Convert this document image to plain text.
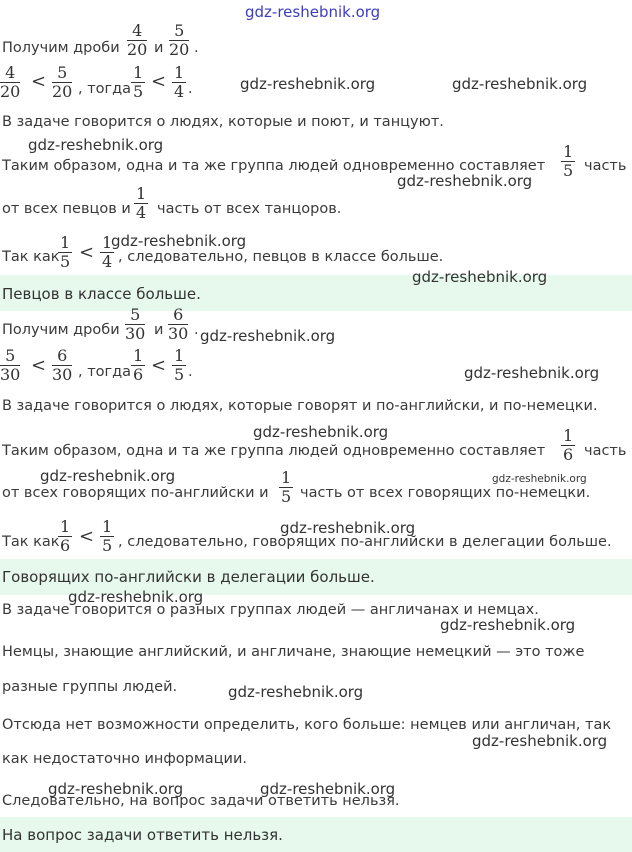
Певцов в классе больше.
Говорящих по-английски в делегации больше.
На вопрос задачи ответить нельзя.
Получим дроби $\frac{4}{20}$ и $\frac{5}{20}$ .
$\frac{4}{20} < \frac{5}{20}$ , тогда $\frac{1}{5} < \frac{1}{4}$ .
В задаче говорится о людях, которые и поют, и танцуют.
Таким образом, одна и та же группа людей одновременно составляет $\frac{1}{5}$ часть
от всех певцов и $\frac{1}{4}$ часть от всех танцоров.
Так как
$\frac{1}{5} < \frac{1}{4}$ , следовательно, певцов в классе больше.
Получим дроби $\frac{5}{30}$ и $\frac{6}{30}$ .
$\frac{5}{30} < \frac{6}{30}$ , тогда $\frac{1}{6} < \frac{1}{5}$ .
В задаче говорится о людях, которые говорят и по-английски, и по-немецки.
Таким образом, одна и та же группа людей одновременно составляет $\frac{1}{6}$ часть
от всех говорящих по-английски и $\frac{1}{5}$ часть от всех говорящих по-немецки.
Так как
$\frac{1}{6} < \frac{1}{5}$ , следовательно, говорящих по-английски в делегации больше.
В задаче говорится о разных группах людей — англичанах и немцах.
Немцы, знающие английский, и англичане, знающие немецкий — это тоже
разные группы людей.
Отсюда нет возможности определить, кого больше: немцев или англичан, так
как недостаточно информации.
Следовательно, на вопрос задачи ответить нельзя.
gdz-reshebnik.org
gdz-reshebnik.org	gdz-reshebnik.org
gdz-reshebnik.org
gdz-reshebnik.org
gdz-reshebnik.org
gdz-reshebnik.org
gdz-reshebnik.org
gdz-reshebnik.org
gdz-reshebnik.org
gdz-reshebnik.org	gdz-reshebnik.org
gdz-reshebnik.org
gdz-reshebnik.org
gdz-reshebnik.org
gdz-reshebnik.org
gdz-reshebnik.org
gdz-reshebnik.org	gdz-reshebnik.org
